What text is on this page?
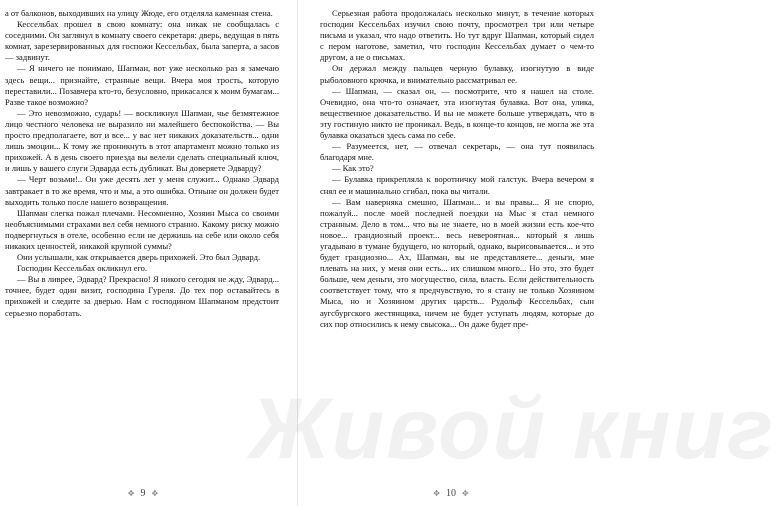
а от балконов, выходивших на улицу Жюде, его отделяла каменная стена.

Кессельбах прошел в свою комнату: она никак не сообщалась с соседними. Он заглянул в комнату своего секретаря: дверь, ведущая в пять комнат, зарезервированных для госпожи Кессельбах, была заперта, а засов — задвинут.

— Я ничего не понимаю, Шапман, вот уже несколько раз я замечаю здесь вещи... признайте, странные вещи. Вчера моя трость, которую переставили... Позавчера кто-то, безусловно, прикасался к моим бумагам... Разве такое возможно?

— Это невозможно, сударь! — воскликнул Шапман, чье безмятежное лицо честного человека не выразило ни малейшего беспокойства. — Вы просто предполагаете, вот и все... у вас нет никаких доказательств... одни лишь эмоции... К тому же проникнуть в этот апартамент можно только из прихожей. А в день своего приезда вы велели сделать специальный ключ, и лишь у вашего слуги Эдварда есть дубликат. Вы доверяете Эдварду?

— Черт возьми!.. Он уже десять лет у меня служит... Однако Эдвард завтракает в то же время, что и мы, а это ошибка. Отныне он должен будет выходить только после нашего возвращения.

Шапман слегка пожал плечами. Несомненно, Хозяин Мыса со своими необъяснимыми страхами вел себя немного странно. Какому риску можно подвергнуться в отеле, особенно если не держишь на себе или около себя никаких ценностей, никакой крупной суммы?

Они услышали, как открывается дверь прихожей. Это был Эдвард.

Господин Кессельбах окликнул его.

— Вы в ливрее, Эдвард? Прекрасно! Я никого сегодня не жду, Эдвард... точнее, будет один визит, господина Гуреля. До тех пор оставайтесь в прихожей и следите за дверью. Нам с господином Шапманом предстоит серьезно поработать.

Серьезная работа продолжалась несколько минут, в течение которых господин Кессельбах изучил свою почту, просмотрел три или четыре письма и указал, что надо ответить. Но тут вдруг Шапман, который сидел с пером наготове, заметил, что господин Кессельбах думает о чем-то другом, а не о письмах.

Он держал между пальцев черную булавку, изогнутую в виде рыболовного крючка, и внимательно рассматривал ее.

— Шапман, — сказал он, — посмотрите, что я нашел на столе. Очевидно, она что-то означает, эта изогнутая булавка. Вот она, улика, вещественное доказательство. И вы не можете больше утверждать, что в эту гостиную никто не проникал. Ведь, в конце-то концов, не могла же эта булавка оказаться здесь сама по себе.

— Разумеется, нет, — отвечал секретарь, — она тут появилась благодаря мне.

— Как это?

— Булавка прикрепляла к воротничку мой галстук. Вчера вечером я снял ее и машинально сгибал, пока вы читали.

— Вам наверняка смешно, Шапман... и вы правы... Я не спорю, пожалуй... после моей последней поездки на Мыс я стал немного странным. Дело в том... что вы не знаете, но в моей жизни есть кое-что новое... грандиозный проект... весь невероятная... который я лишь угадываю в тумане будущего, но который, однако, вырисовывается... и это будет грандиозно... Ах, Шапман, вы не представляете... деньги, мне плевать на них, у меня они есть... их слишком много... Но это, это будет больше, чем деньги, это могущество, сила, власть. Если действительность соответствует тому, что я предчувствую, то я стану не только Хозяином Мыса, но и Хозяином других царств... Рудольф Кессельбах, сын аугсбургского жестянщика, ничем не будет уступать людям, которые до сих пор относились к нему свысока... Он даже будет пре-

✥ 9 ✥	✥ 10 ✥
Живой книг
